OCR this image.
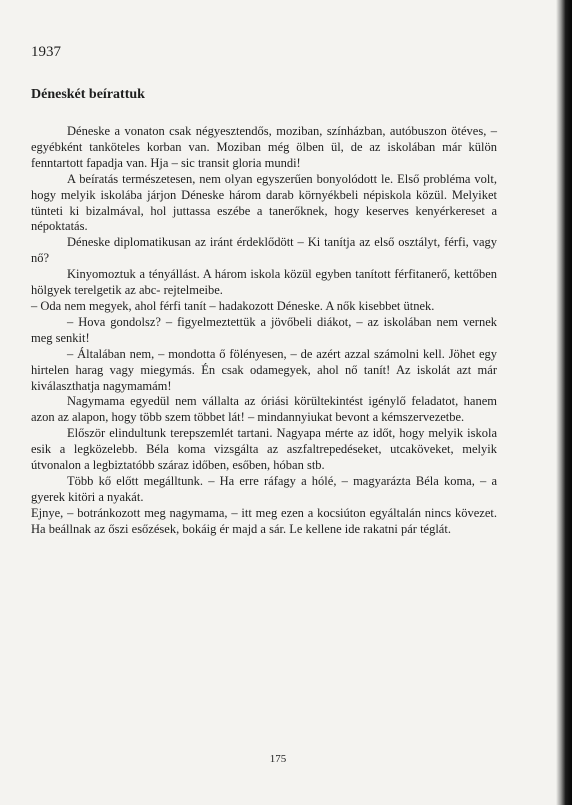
1937
Déneskét beírattuk

Déneske a vonaton csak négyesztendős, moziban, színházban, autóbuszon ötéves, – egyébként tanköteles korban van. Moziban még ölben ül, de az iskolában már külön fenntartott fapadja van. Hja – sic transit gloria mundi!

A beíratás természetesen, nem olyan egyszerűen bonyolódott le. Első probléma volt, hogy melyik iskolába járjon Déneske három darab környékbeli népiskola közül. Melyiket tünteti ki bizalmával, hol juttassa eszébe a tanerőknek, hogy keserves kenyérkereset a népoktatás.

Déneske diplomatikusan az iránt érdeklődött – Ki tanítja az első osztályt, férfi, vagy nő?

Kinyomoztuk a tényállást. A három iskola közül egyben tanított férfitanerő, kettőben hölgyek terelgetik az abc- rejtelmeibe.

– Oda nem megyek, ahol férfi tanít – hadakozott Déneske. A nők kisebbet ütnek.

– Hova gondolsz? – figyelmeztettük a jövőbeli diákot, – az iskolában nem vernek meg senkit!

– Általában nem, – mondotta ő fölényesen, – de azért azzal számolni kell. Jöhet egy hirtelen harag vagy miegymás. Én csak odamegyek, ahol nő tanít! Az iskolát azt már kiválaszthatja nagymamám!

Nagymama egyedül nem vállalta az óriási körültekintést igénylő feladatot, hanem azon az alapon, hogy több szem többet lát! – mindannyiukat bevont a kémszervezetbe.

Először elindultunk terepszemlét tartani. Nagyapa mérte az időt, hogy melyik iskola esik a legközelebb. Béla koma vizsgálta az aszfaltrepedéseket, utcaköveket, melyik útvonalon a legbiztatóbb száraz időben, esőben, hóban stb.

Több kő előtt megálltunk. – Ha erre ráfagy a hólé, – magyarázta Béla koma, – a gyerek kitöri a nyakát.

Ejnye, – botránkozott meg nagymama, – itt meg ezen a kocsiúton egyáltalán nincs kövezet. Ha beállnak az őszi esőzések, bokáig ér majd a sár. Le kellene ide rakatni pár téglát.

175
